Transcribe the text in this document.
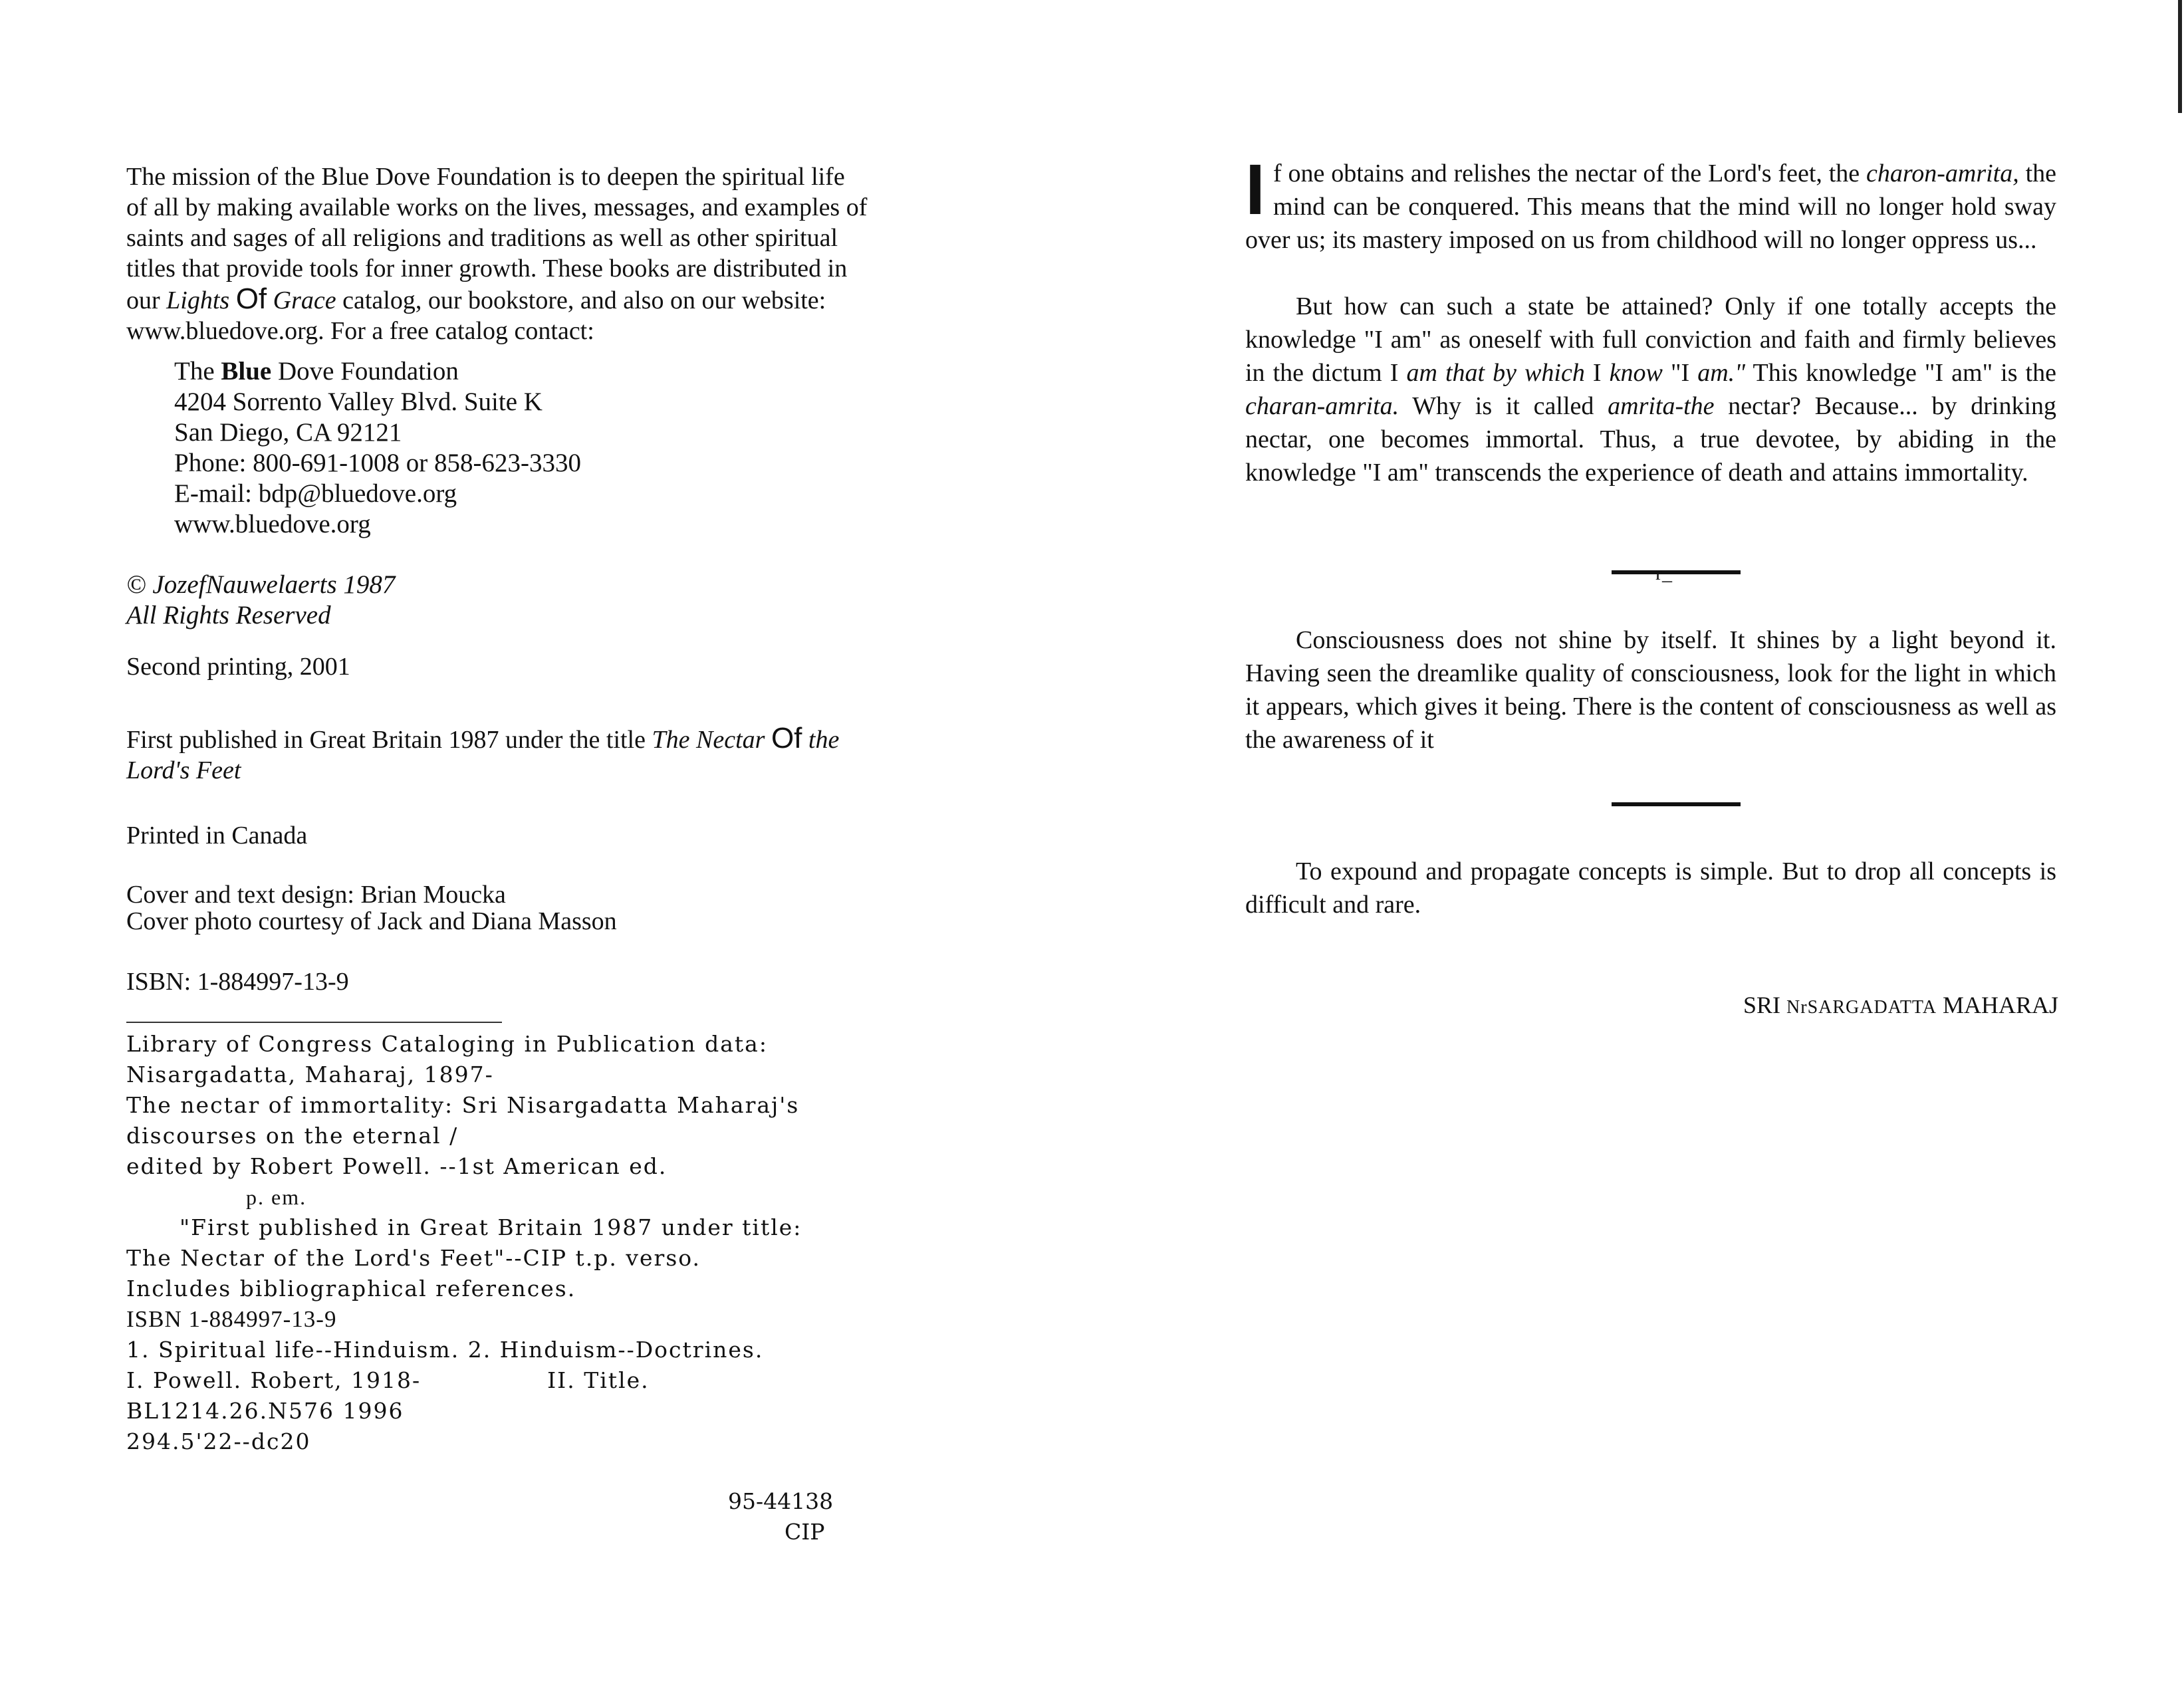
The mission of the Blue Dove Foundation is to deepen the spiritual life

of all by making available works on the lives, messages, and examples of

saints and sages of all religions and traditions as well as other spiritual

titles that provide tools for inner growth. These books are distributed in

our Lights Of Grace catalog, our bookstore, and also on our website:

www.bluedove.org. For a free catalog contact:

The Blue Dove Foundation
4204 Sorrento Valley Blvd. Suite K
San Diego, CA 92121
Phone: 800-691-1008 or 858-623-3330
E-mail: bdp@bluedove.org
www.bluedove.org
© JozefNauwelaerts 1987
All Rights Reserved

Second printing, 2001

First published in Great Britain 1987 under the title The Nectar Of the
Lord's Feet

Printed in Canada

Cover and text design: Brian Moucka
Cover photo courtesy of Jack and Diana Masson

ISBN: 1-884997-13-9

Library of Congress Cataloging in Publication data:
Nisargadatta, Maharaj, 1897-
The nectar of immortality: Sri Nisargadatta Maharaj's
discourses on the eternal /
edited by Robert Powell. --1st American ed.
p. em.
"First published in Great Britain 1987 under title:
The Nectar of the Lord's Feet"--CIP t.p. verso.
Includes bibliographical references.
ISBN 1-884997-13-9
1. Spiritual life--Hinduism. 2. Hinduism--Doctrines.
I. Powell. Robert, 1918-	II. Title.
BL1214.26.N576 1996
294.5'22--dc20
95-44138
CIP

If one obtains and relishes the nectar of the Lord's feet, the charon-amrita, the mind can be conquered. This means that the mind will no longer hold sway over us; its mastery imposed on us from childhood will no longer oppress us...

But how can such a state be attained? Only if one totally accepts the knowledge "I am" as oneself with full conviction and faith and firmly believes in the dictum I am that by which I know "I am." This knowledge "I am" is the charan-amrita. Why is it called amrita-the nectar? Because... by drinking nectar, one becomes immortal. Thus, a true devotee, by abiding in the knowledge "I am" transcends the experience of death and attains immortality.

r_

Consciousness does not shine by itself. It shines by a light beyond it. Having seen the dreamlike quality of consciousness, look for the light in which it appears, which gives it being. There is the content of consciousness as well as the awareness of it

To expound and propagate concepts is simple. But to drop all concepts is difficult and rare.

SRI NrSARGADATTA MAHARAJ
